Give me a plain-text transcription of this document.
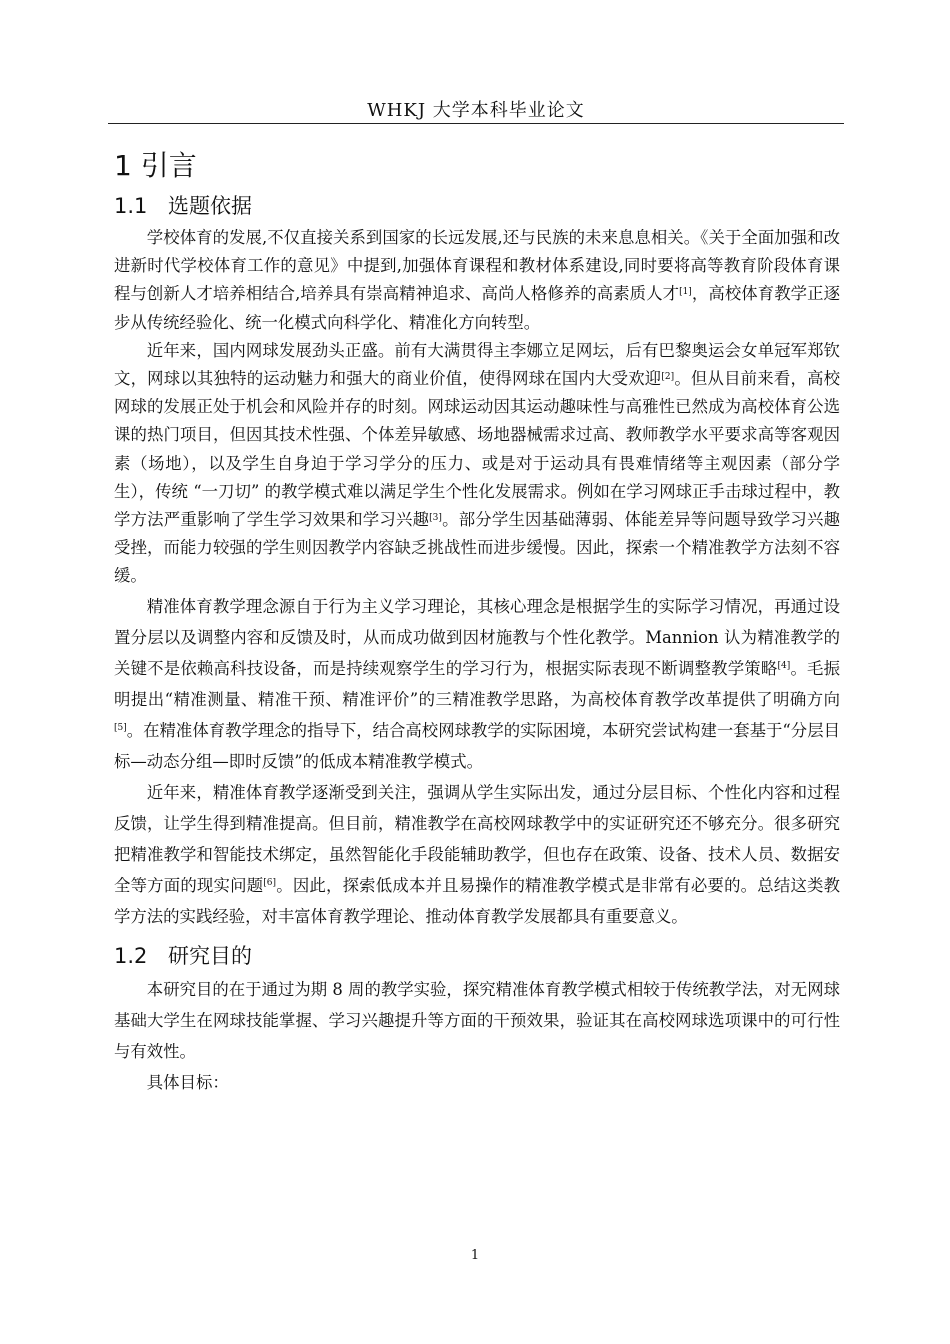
WHKJ 大学本科毕业论文
1 引言
1.1 选题依据

学校体育的发展,不仅直接关系到国家的长远发展,还与民族的未来息息相关。《关于全面加强和改进新时代学校体育工作的意见》中提到,加强体育课程和教材体系建设,同时要将高等教育阶段体育课程与创新人才培养相结合,培养具有崇高精神追求、高尚人格修养的高素质人才[1]，高校体育教学正逐步从传统经验化、统一化模式向科学化、精准化方向转型。

近年来，国内网球发展劲头正盛。前有大满贯得主李娜立足网坛，后有巴黎奥运会女单冠军郑钦文，网球以其独特的运动魅力和强大的商业价值，使得网球在国内大受欢迎[2]。但从目前来看，高校网球的发展正处于机会和风险并存的时刻。网球运动因其运动趣味性与高雅性已然成为高校体育公选课的热门项目，但因其技术性强、个体差异敏感、场地器械需求过高、教师教学水平要求高等客观因素（场地），以及学生自身迫于学习学分的压力、或是对于运动具有畏难情绪等主观因素（部分学生），传统 “一刀切” 的教学模式难以满足学生个性化发展需求。例如在学习网球正手击球过程中，教学方法严重影响了学生学习效果和学习兴趣[3]。部分学生因基础薄弱、体能差异等问题导致学习兴趣受挫，而能力较强的学生则因教学内容缺乏挑战性而进步缓慢。因此，探索一个精准教学方法刻不容缓。

精准体育教学理念源自于行为主义学习理论，其核心理念是根据学生的实际学习情况，再通过设置分层以及调整内容和反馈及时，从而成功做到因材施教与个性化教学。Mannion 认为精准教学的关键不是依赖高科技设备，而是持续观察学生的学习行为，根据实际表现不断调整教学策略[4]。毛振明提出“精准测量、精准干预、精准评价”的三精准教学思路，为高校体育教学改革提供了明确方向[5]。在精准体育教学理念的指导下，结合高校网球教学的实际困境，本研究尝试构建一套基于“分层目标—动态分组—即时反馈”的低成本精准教学模式。

近年来，精准体育教学逐渐受到关注，强调从学生实际出发，通过分层目标、个性化内容和过程反馈，让学生得到精准提高。但目前，精准教学在高校网球教学中的实证研究还不够充分。很多研究把精准教学和智能技术绑定，虽然智能化手段能辅助教学，但也存在政策、设备、技术人员、数据安全等方面的现实问题[6]。因此，探索低成本并且易操作的精准教学模式是非常有必要的。总结这类教学方法的实践经验，对丰富体育教学理论、推动体育教学发展都具有重要意义。

1.2 研究目的

本研究目的在于通过为期 8 周的教学实验，探究精准体育教学模式相较于传统教学法，对无网球基础大学生在网球技能掌握、学习兴趣提升等方面的干预效果，验证其在高校网球选项课中的可行性与有效性。

具体目标：

1
